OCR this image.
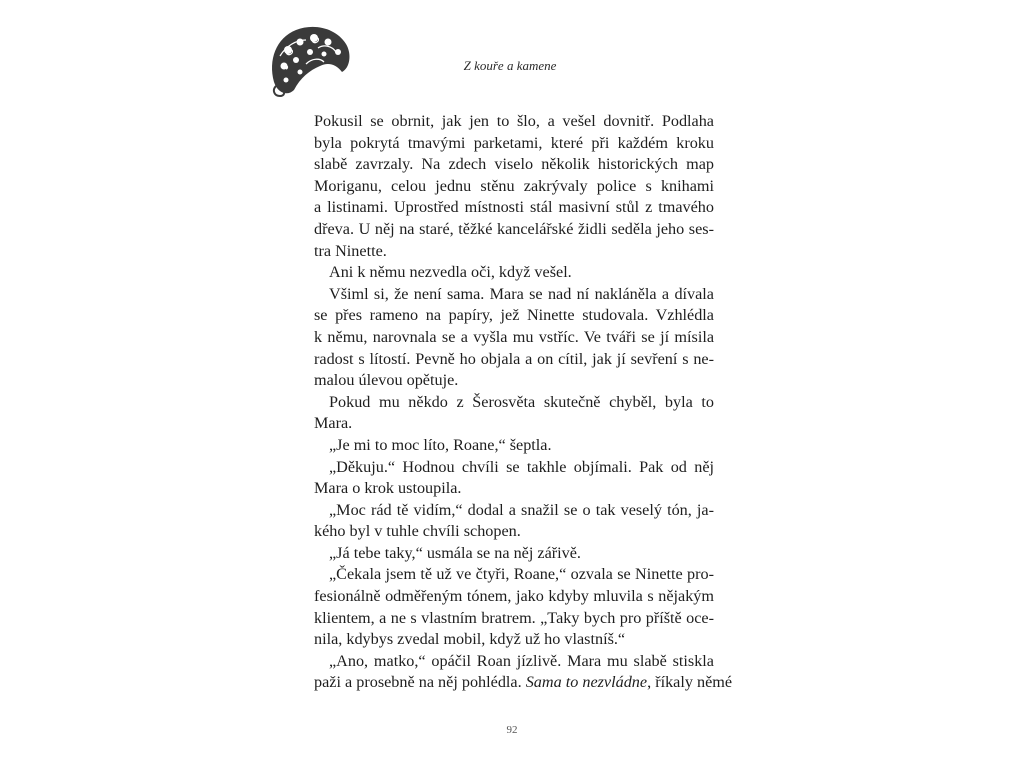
Z kouře a kamene
Pokusil se obrnit, jak jen to šlo, a vešel dovnitř. Podlaha
byla pokrytá tmavými parketami, které při každém kroku
slabě zavrzaly. Na zdech viselo několik historických map
Moriganu, celou jednu stěnu zakrývaly police s knihami
a listinami. Uprostřed místnosti stál masivní stůl z tmavého
dřeva. U něj na staré, těžké kancelářské židli seděla jeho ses-
tra Ninette.
Ani k němu nezvedla oči, když vešel.
Všiml si, že není sama. Mara se nad ní nakláněla a dívala
se přes rameno na papíry, jež Ninette studovala. Vzhlédla
k němu, narovnala se a vyšla mu vstříc. Ve tváři se jí mísila
radost s lítostí. Pevně ho objala a on cítil, jak jí sevření s ne-
malou úlevou opětuje.
Pokud mu někdo z Šerosvěta skutečně chyběl, byla to
Mara.
„Je mi to moc líto, Roane,“ šeptla.
„Děkuju.“ Hodnou chvíli se takhle objímali. Pak od něj
Mara o krok ustoupila.
„Moc rád tě vidím,“ dodal a snažil se o tak veselý tón, ja-
kého byl v tuhle chvíli schopen.
„Já tebe taky,“ usmála se na něj zářivě.
„Čekala jsem tě už ve čtyři, Roane,“ ozvala se Ninette pro-
fesionálně odměřeným tónem, jako kdyby mluvila s nějakým
klientem, a ne s vlastním bratrem. „Taky bych pro příště oce-
nila, kdybys zvedal mobil, když už ho vlastníš.“
„Ano, matko,“ opáčil Roan jízlivě. Mara mu slabě stiskla
paži a prosebně na něj pohlédla. Sama to nezvládne, říkaly němé
92
